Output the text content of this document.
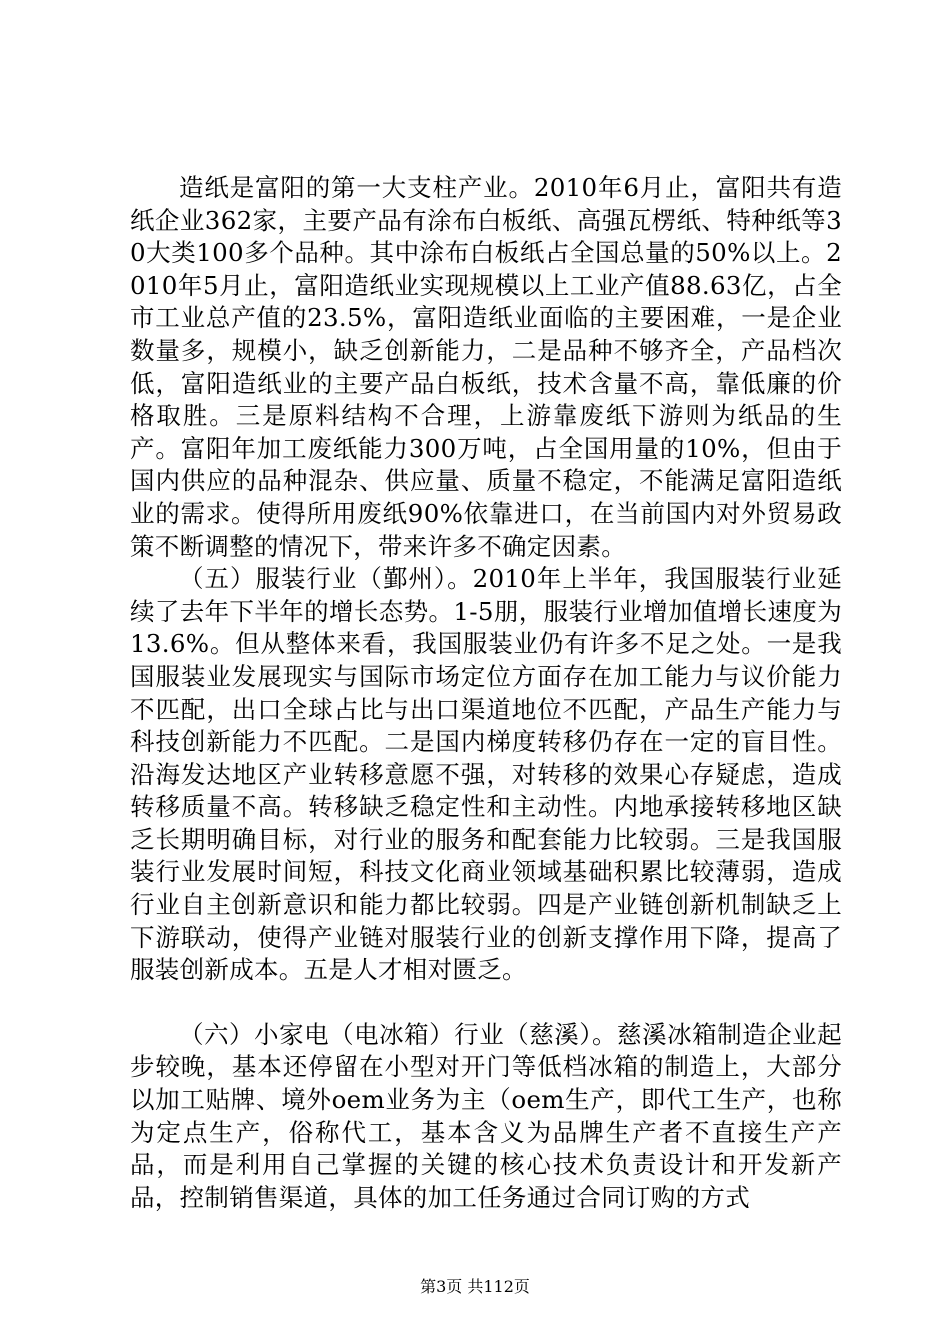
造纸是富阳的第一大支柱产业。2010年6月止，富阳共有造纸企业362家，主要产品有涂布白板纸、高强瓦楞纸、特种纸等30大类100多个品种。其中涂布白板纸占全国总量的50%以上。2010年5月止，富阳造纸业实现规模以上工业产值88.63亿，占全市工业总产值的23.5%，富阳造纸业面临的主要困难，一是企业数量多，规模小，缺乏创新能力，二是品种不够齐全，产品档次低，富阳造纸业的主要产品白板纸，技术含量不高，靠低廉的价格取胜。三是原料结构不合理，上游靠废纸下游则为纸品的生产。富阳年加工废纸能力300万吨，占全国用量的10%，但由于国内供应的品种混杂、供应量、质量不稳定，不能满足富阳造纸业的需求。使得所用废纸90%依靠进口，在当前国内对外贸易政策不断调整的情况下，带来许多不确定因素。

（五）服装行业（鄞州）。2010年上半年，我国服装行业延续了去年下半年的增长态势。1-5朋，服装行业增加值增长速度为13.6%。但从整体来看，我国服装业仍有许多不足之处。一是我国服装业发展现实与国际市场定位方面存在加工能力与议价能力不匹配，出口全球占比与出口渠道地位不匹配，产品生产能力与科技创新能力不匹配。二是国内梯度转移仍存在一定的盲目性。沿海发达地区产业转移意愿不强，对转移的效果心存疑虑，造成转移质量不高。转移缺乏稳定性和主动性。内地承接转移地区缺乏长期明确目标，对行业的服务和配套能力比较弱。三是我国服装行业发展时间短，科技文化商业领域基础积累比较薄弱，造成行业自主创新意识和能力都比较弱。四是产业链创新机制缺乏上下游联动，使得产业链对服装行业的创新支撑作用下降，提高了服装创新成本。五是人才相对匮乏。

（六）小家电（电冰箱）行业（慈溪）。慈溪冰箱制造企业起步较晚，基本还停留在小型对开门等低档冰箱的制造上，大部分以加工贴牌、境外oem业务为主（oem生产，即代工生产，也称为定点生产，俗称代工，基本含义为品牌生产者不直接生产产品，而是利用自己掌握的关键的核心技术负责设计和开发新产品，控制销售渠道，具体的加工任务通过合同订购的方式

第3页 共112页
